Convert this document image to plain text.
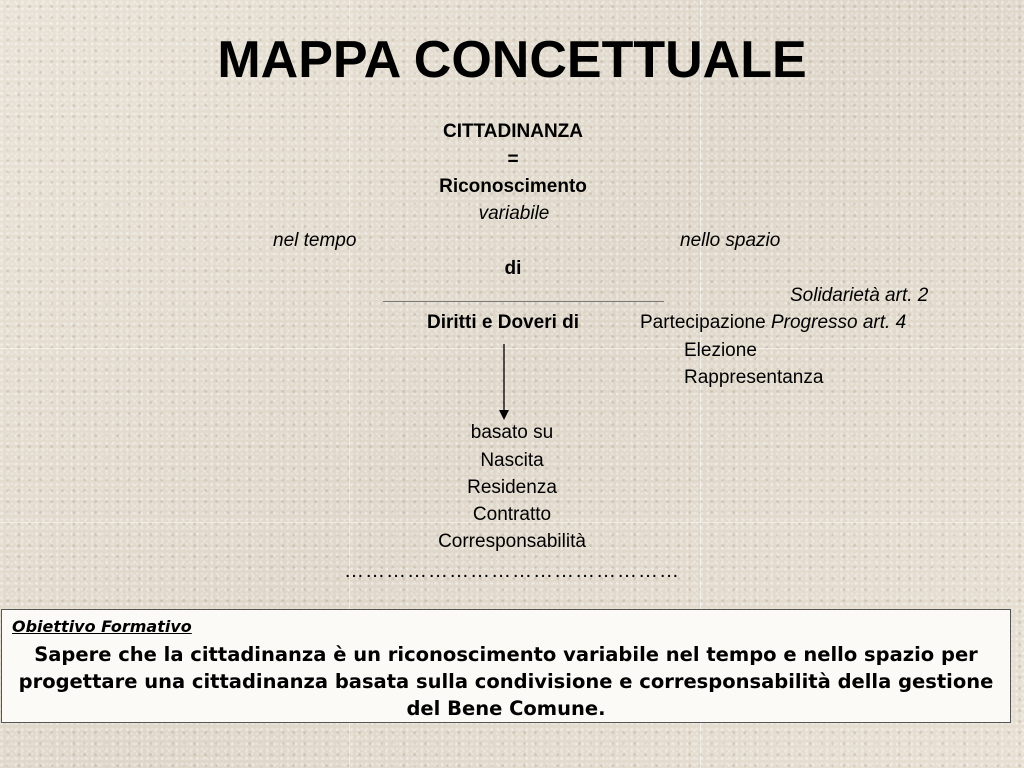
MAPPA CONCETTUALE
CITTADINANZA
=
Riconoscimento
variabile
nel tempo	nello spazio
di
Solidarietà art. 2
Diritti e Doveri di	Partecipazione Progresso art. 4
Elezione
Rappresentanza
basato su
Nascita
Residenza
Contratto
Corresponsabilità
…………………………………………
Obiettivo Formativo
Sapere che la cittadinanza è un riconoscimento variabile nel tempo e nello spazio per progettare una cittadinanza basata sulla condivisione e corresponsabilità della gestione del Bene Comune.
